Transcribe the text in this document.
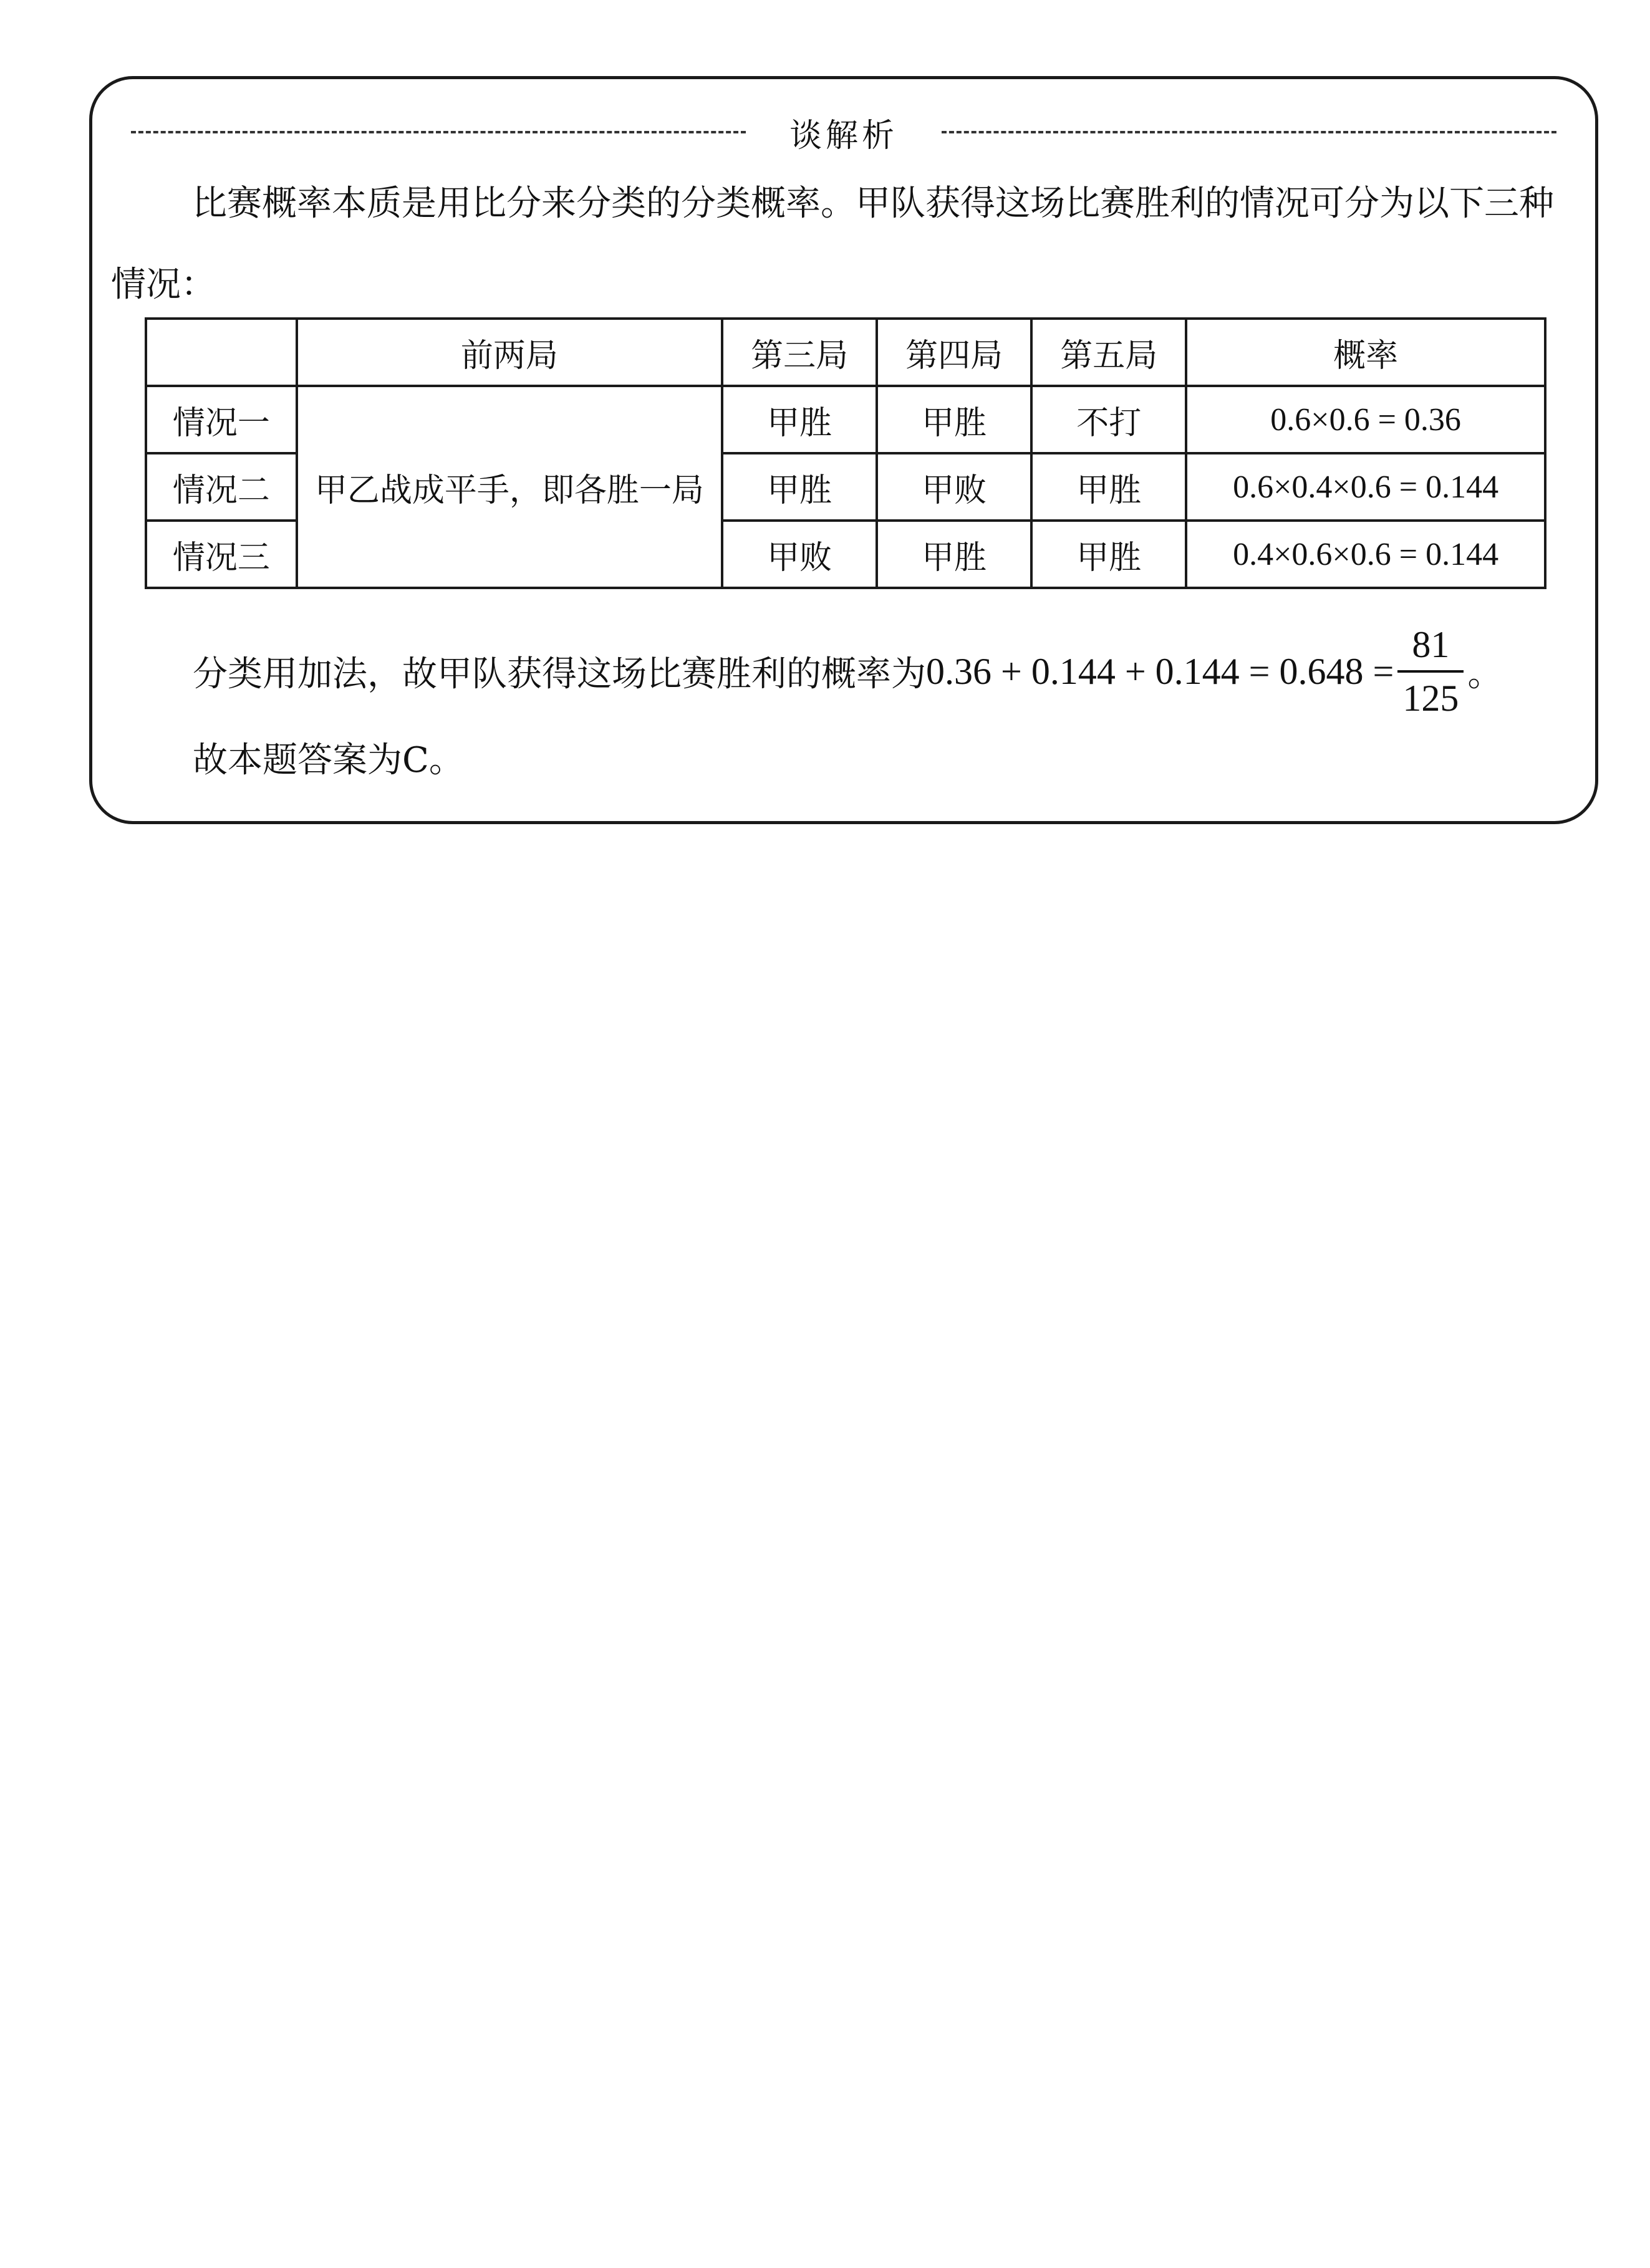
谈解析
比赛概率本质是用比分来分类的分类概率。甲队获得这场比赛胜利的情况可分为以下三种情况：
	前两局	第三局	第四局	第五局	概率
情况一	甲乙战成平手，即各胜一局	甲胜	甲胜	不打	0.6×0.6 = 0.36
情况二		甲胜	甲败	甲胜	0.6×0.4×0.6 = 0.144
情况三		甲败	甲胜	甲胜	0.4×0.6×0.6 = 0.144
分类用加法，故甲队获得这场比赛胜利的概率为 $0.36 + 0.144 + 0.144 = 0.648 = \frac{81}{125}$ 。
故本题答案为C。
